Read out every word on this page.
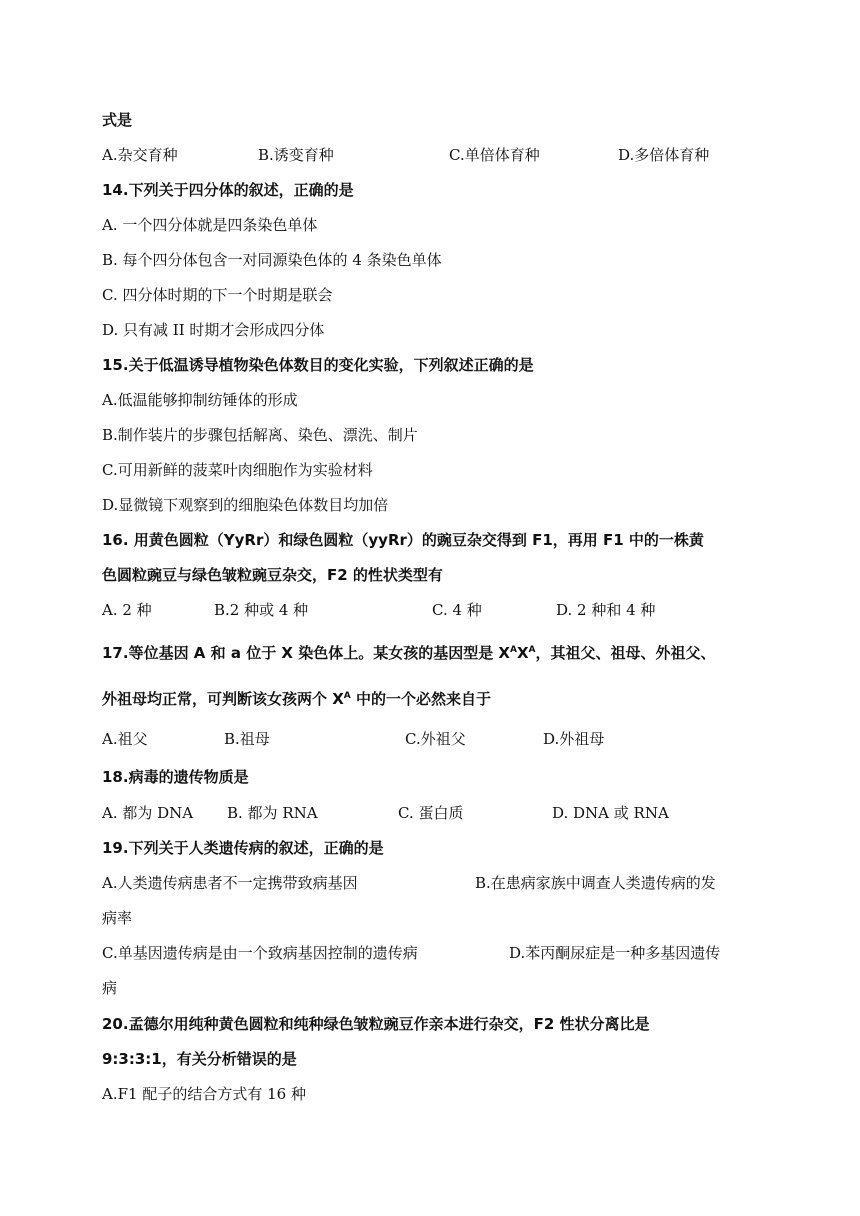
式是
A.杂交育种	B.诱变育种	C.单倍体育种	D.多倍体育种
14.下列关于四分体的叙述，正确的是
A. 一个四分体就是四条染色单体
B. 每个四分体包含一对同源染色体的 4 条染色单体
C. 四分体时期的下一个时期是联会
D. 只有减 II 时期才会形成四分体
15.关于低温诱导植物染色体数目的变化实验，下列叙述正确的是
A.低温能够抑制纺锤体的形成
B.制作装片的步骤包括解离、染色、漂洗、制片
C.可用新鲜的菠菜叶肉细胞作为实验材料
D.显微镜下观察到的细胞染色体数目均加倍
16. 用黄色圆粒（YyRr）和绿色圆粒（yyRr）的豌豆杂交得到 F1，再用 F1 中的一株黄
色圆粒豌豆与绿色皱粒豌豆杂交，F2 的性状类型有
A. 2 种	B.2 种或 4 种	C. 4 种	D. 2 种和 4 种
17.等位基因 A 和 a 位于 X 染色体上。某女孩的基因型是 $X^AX^A$，其祖父、祖母、外祖父、
外祖母均正常，可判断该女孩两个 $X^A$ 中的一个必然来自于
A.祖父	B.祖母	C.外祖父	D.外祖母
18.病毒的遗传物质是
A. 都为 DNA B. 都为 RNA	C. 蛋白质	D. DNA 或 RNA
19.下列关于人类遗传病的叙述，正确的是
A.人类遗传病患者不一定携带致病基因	B.在患病家族中调查人类遗传病的发
病率
C.单基因遗传病是由一个致病基因控制的遗传病	D.苯丙酮尿症是一种多基因遗传
病
20.孟德尔用纯种黄色圆粒和纯种绿色皱粒豌豆作亲本进行杂交，F2 性状分离比是
9:3:3:1，有关分析错误的是
A.F1 配子的结合方式有 16 种
